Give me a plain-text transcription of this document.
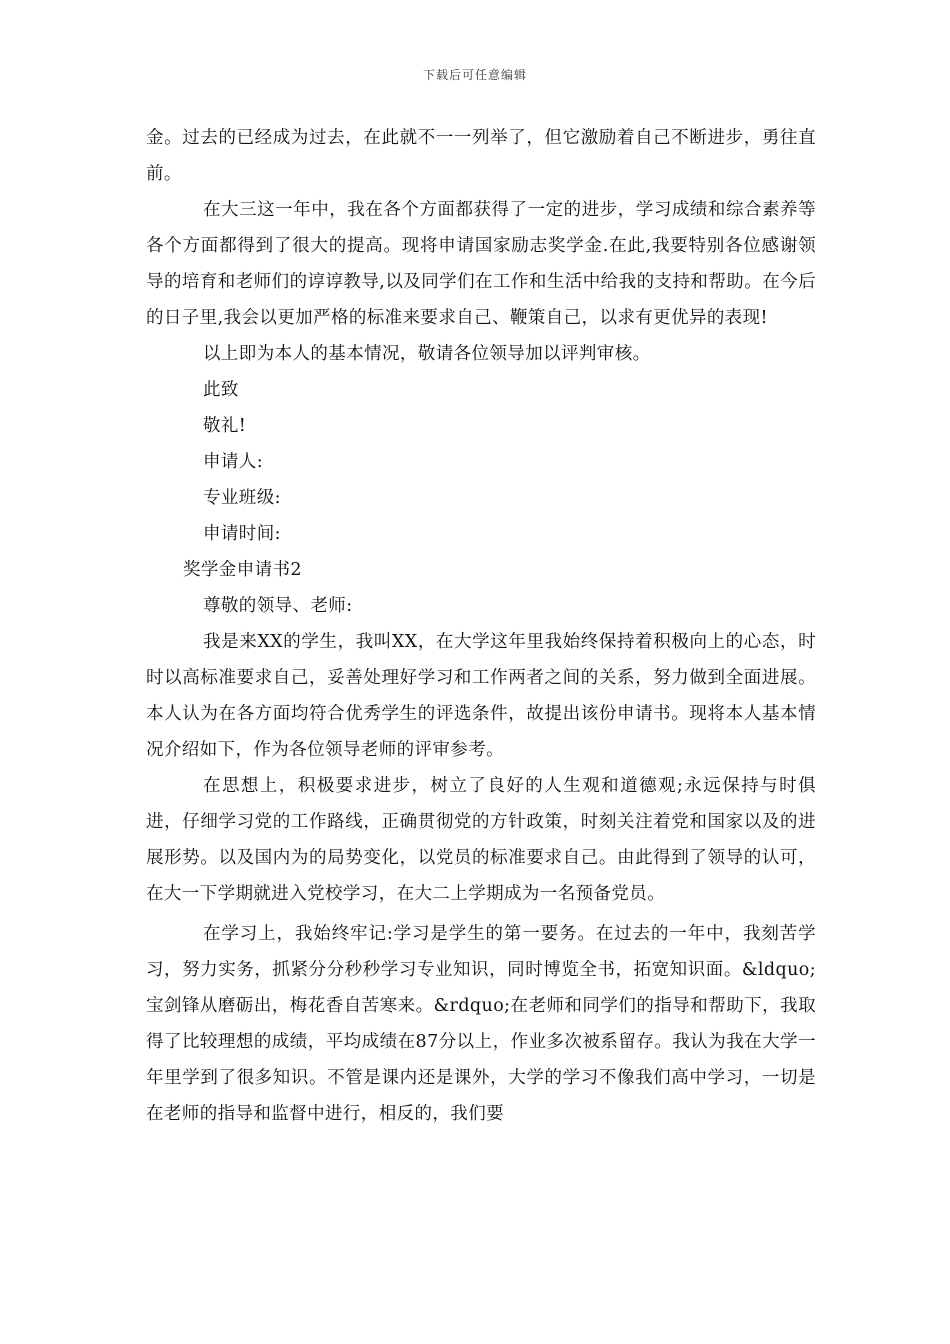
下载后可任意编辑

金。过去的已经成为过去，在此就不一一列举了，但它激励着自己不断进步，勇往直前。

在大三这一年中，我在各个方面都获得了一定的进步，学习成绩和综合素养等各个方面都得到了很大的提高。现将申请国家励志奖学金.在此,我要特别各位感谢领导的培育和老师们的谆谆教导,以及同学们在工作和生活中给我的支持和帮助。在今后的日子里,我会以更加严格的标准来要求自己、鞭策自己，以求有更优异的表现!

以上即为本人的基本情况，敬请各位领导加以评判审核。

此致

敬礼!

申请人:

专业班级:

申请时间:

奖学金申请书2

尊敬的领导、老师:

我是来XX的学生，我叫XX，在大学这年里我始终保持着积极向上的心态，时时以高标准要求自己，妥善处理好学习和工作两者之间的关系，努力做到全面进展。本人认为在各方面均符合优秀学生的评选条件，故提出该份申请书。现将本人基本情况介绍如下，作为各位领导老师的评审参考。

在思想上，积极要求进步，树立了良好的人生观和道德观;永远保持与时俱进，仔细学习党的工作路线，正确贯彻党的方针政策，时刻关注着党和国家以及的进展形势。以及国内为的局势变化，以党员的标准要求自己。由此得到了领导的认可，在大一下学期就进入党校学习，在大二上学期成为一名预备党员。

在学习上，我始终牢记:学习是学生的第一要务。在过去的一年中，我刻苦学习，努力实务，抓紧分分秒秒学习专业知识，同时博览全书，拓宽知识面。&ldquo;宝剑锋从磨砺出，梅花香自苦寒来。&rdquo;在老师和同学们的指导和帮助下，我取得了比较理想的成绩，平均成绩在87分以上，作业多次被系留存。我认为我在大学一年里学到了很多知识。不管是课内还是课外，大学的学习不像我们高中学习，一切是在老师的指导和监督中进行，相反的，我们要
